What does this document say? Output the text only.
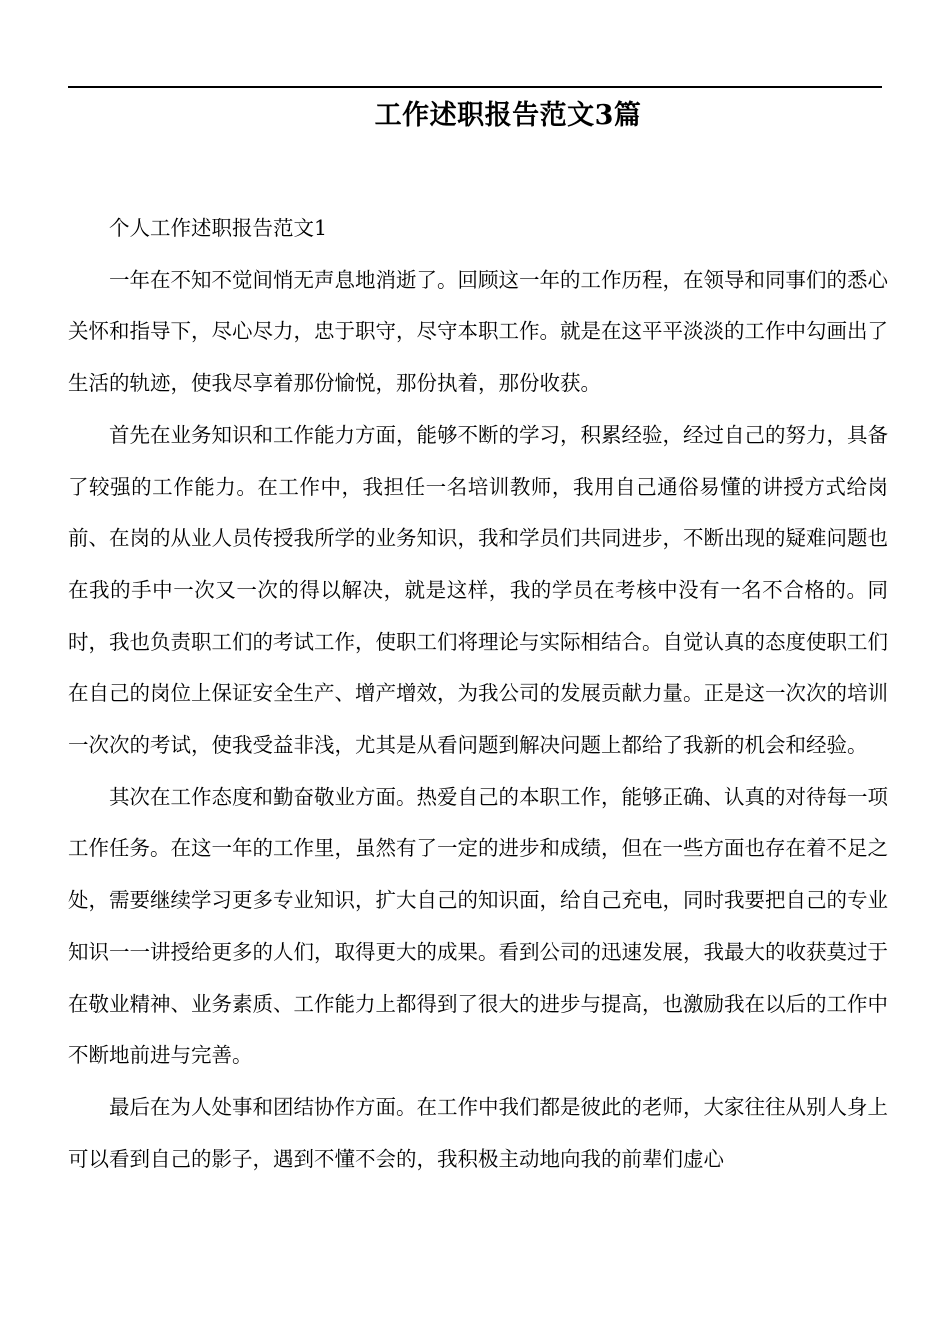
工作述职报告范文3篇

个人工作述职报告范文1

一年在不知不觉间悄无声息地消逝了。回顾这一年的工作历程，在领导和同事们的悉心关怀和指导下，尽心尽力，忠于职守，尽守本职工作。就是在这平平淡淡的工作中勾画出了生活的轨迹，使我尽享着那份愉悦，那份执着，那份收获。

首先在业务知识和工作能力方面，能够不断的学习，积累经验，经过自己的努力，具备了较强的工作能力。在工作中，我担任一名培训教师，我用自己通俗易懂的讲授方式给岗前、在岗的从业人员传授我所学的业务知识，我和学员们共同进步，不断出现的疑难问题也在我的手中一次又一次的得以解决，就是这样，我的学员在考核中没有一名不合格的。同时，我也负责职工们的考试工作，使职工们将理论与实际相结合。自觉认真的态度使职工们在自己的岗位上保证安全生产、增产增效，为我公司的发展贡献力量。正是这一次次的培训一次次的考试，使我受益非浅，尤其是从看问题到解决问题上都给了我新的机会和经验。

其次在工作态度和勤奋敬业方面。热爱自己的本职工作，能够正确、认真的对待每一项工作任务。在这一年的工作里，虽然有了一定的进步和成绩，但在一些方面也存在着不足之处，需要继续学习更多专业知识，扩大自己的知识面，给自己充电，同时我要把自己的专业知识一一讲授给更多的人们，取得更大的成果。看到公司的迅速发展，我最大的收获莫过于在敬业精神、业务素质、工作能力上都得到了很大的进步与提高，也激励我在以后的工作中不断地前进与完善。

最后在为人处事和团结协作方面。在工作中我们都是彼此的老师，大家往往从别人身上可以看到自己的影子，遇到不懂不会的，我积极主动地向我的前辈们虚心
